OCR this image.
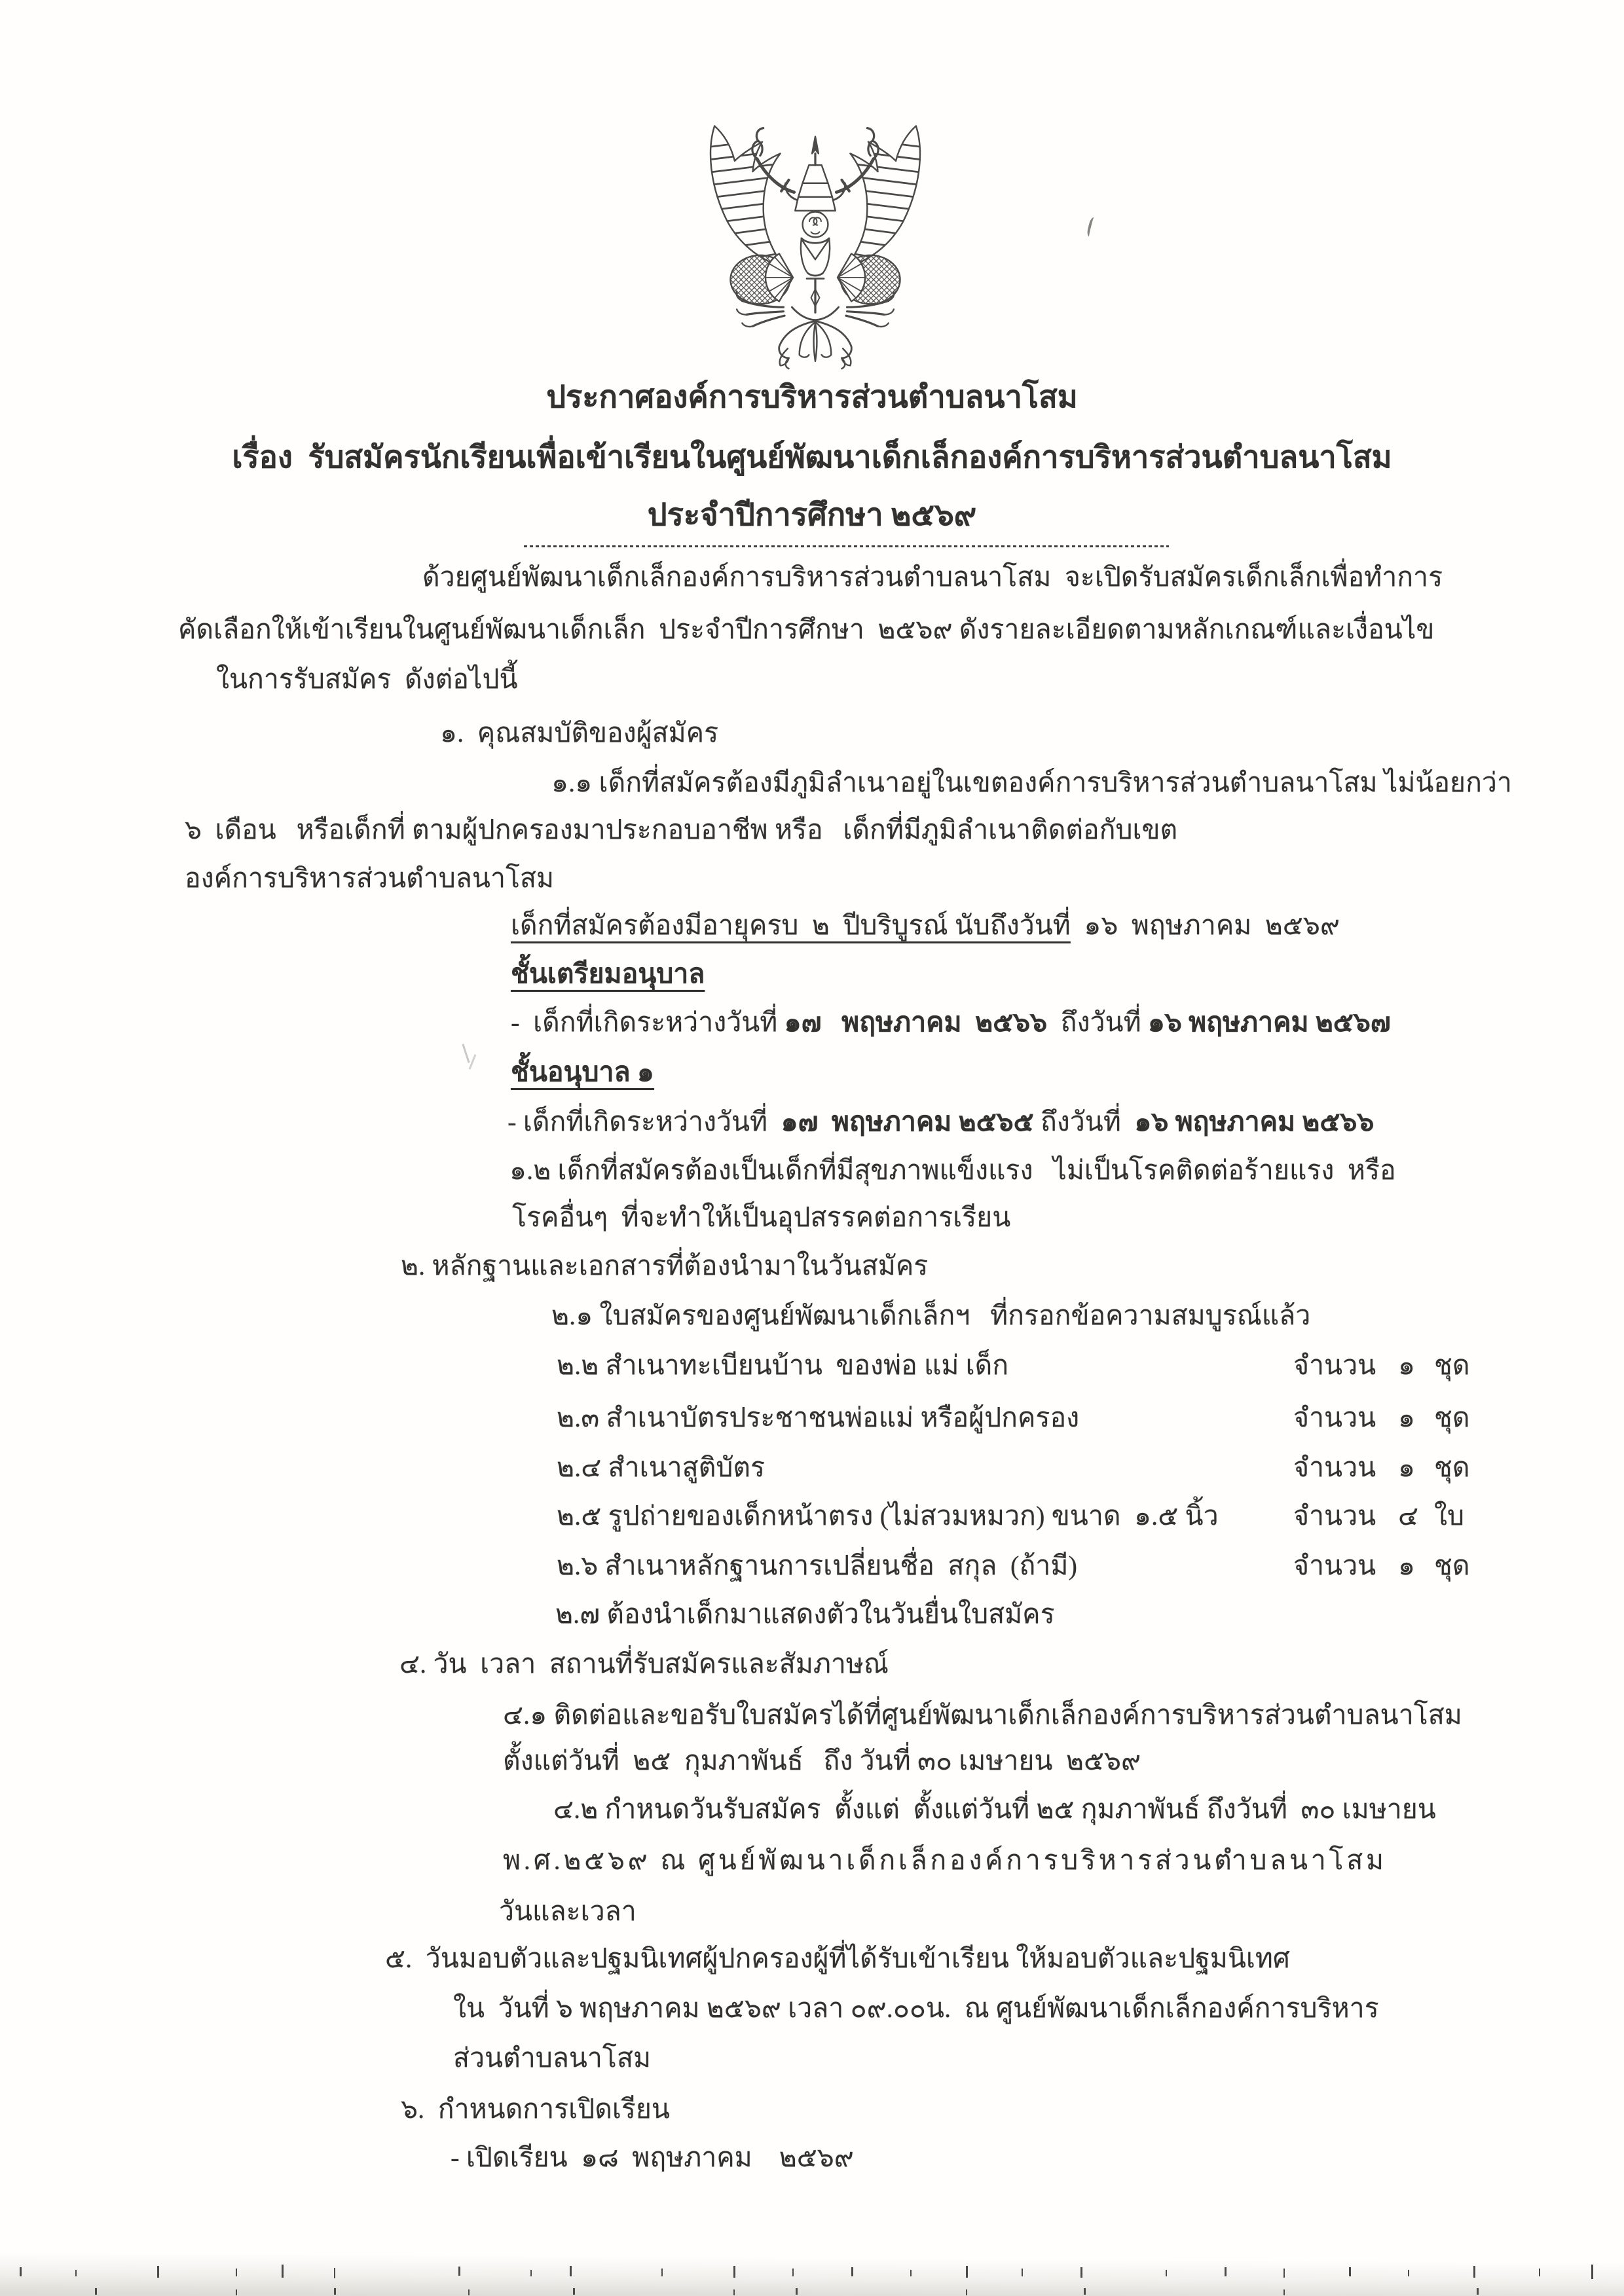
ประกาศองค์การบริหารส่วนตำบลนาโสม
เรื่อง  รับสมัครนักเรียนเพื่อเข้าเรียนในศูนย์พัฒนาเด็กเล็กองค์การบริหารส่วนตำบลนาโสม
ประจำปีการศึกษา ๒๕๖๙
ด้วยศูนย์พัฒนาเด็กเล็กองค์การบริหารส่วนตำบลนาโสม  จะเปิดรับสมัครเด็กเล็กเพื่อทำการ
คัดเลือกให้เข้าเรียนในศูนย์พัฒนาเด็กเล็ก  ประจำปีการศึกษา  ๒๕๖๙ ดังรายละเอียดตามหลักเกณฑ์และเงื่อนไข
ในการรับสมัคร  ดังต่อไปนี้
๑.  คุณสมบัติของผู้สมัคร
๑.๑ เด็กที่สมัครต้องมีภูมิลำเนาอยู่ในเขตองค์การบริหารส่วนตำบลนาโสม ไม่น้อยกว่า
๖  เดือน   หรือเด็กที่ ตามผู้ปกครองมาประกอบอาชีพ หรือ   เด็กที่มีภูมิลำเนาติดต่อกับเขต
องค์การบริหารส่วนตำบลนาโสม
เด็กที่สมัครต้องมีอายุครบ  ๒  ปีบริบูรณ์ นับถึงวันที่  ๑๖  พฤษภาคม  ๒๕๖๙
ชั้นเตรียมอนุบาล
-  เด็กที่เกิดระหว่างวันที่ ๑๗   พฤษภาคม  ๒๕๖๖  ถึงวันที่ ๑๖ พฤษภาคม ๒๕๖๗
ชั้นอนุบาล ๑
- เด็กที่เกิดระหว่างวันที่  ๑๗  พฤษภาคม ๒๕๖๕ ถึงวันที่  ๑๖ พฤษภาคม ๒๕๖๖
๑.๒ เด็กที่สมัครต้องเป็นเด็กที่มีสุขภาพแข็งแรง   ไม่เป็นโรคติดต่อร้ายแรง  หรือ
โรคอื่นๆ  ที่จะทำให้เป็นอุปสรรคต่อการเรียน
๒. หลักฐานและเอกสารที่ต้องนำมาในวันสมัคร
๒.๑ ใบสมัครของศูนย์พัฒนาเด็กเล็กฯ   ที่กรอกข้อความสมบูรณ์แล้ว
๒.๒ สำเนาทะเบียนบ้าน  ของพ่อ แม่ เด็ก	จำนวน ๑ ชุด
๒.๓ สำเนาบัตรประชาชนพ่อแม่ หรือผู้ปกครอง	จำนวน ๑ ชุด
๒.๔ สำเนาสูติบัตร	จำนวน ๑ ชุด
๒.๕ รูปถ่ายของเด็กหน้าตรง (ไม่สวมหมวก) ขนาด  ๑.๕ นิ้ว	จำนวน ๔ ใบ
๒.๖ สำเนาหลักฐานการเปลี่ยนชื่อ  สกุล  (ถ้ามี)	จำนวน ๑ ชุด
๒.๗ ต้องนำเด็กมาแสดงตัวในวันยื่นใบสมัคร
๔. วัน  เวลา  สถานที่รับสมัครและสัมภาษณ์
๔.๑ ติดต่อและขอรับใบสมัครได้ที่ศูนย์พัฒนาเด็กเล็กองค์การบริหารส่วนตำบลนาโสม
ตั้งแต่วันที่  ๒๕  กุมภาพันธ์   ถึง วันที่ ๓๐ เมษายน  ๒๕๖๙
๔.๒ กำหนดวันรับสมัคร  ตั้งแต่  ตั้งแต่วันที่ ๒๕ กุมภาพันธ์ ถึงวันที่  ๓๐ เมษายน
พ.ศ.๒๕๖๙ ณ ศูนย์พัฒนาเด็กเล็กองค์การบริหารส่วนตำบลนาโสม
วันและเวลา
๕.  วันมอบตัวและปฐมนิเทศผู้ปกครองผู้ที่ได้รับเข้าเรียน ให้มอบตัวและปฐมนิเทศ
ใน  วันที่ ๖ พฤษภาคม ๒๕๖๙ เวลา ๐๙.๐๐น.  ณ ศูนย์พัฒนาเด็กเล็กองค์การบริหาร
ส่วนตำบลนาโสม
๖.  กำหนดการเปิดเรียน
- เปิดเรียน  ๑๘  พฤษภาคม    ๒๕๖๙
